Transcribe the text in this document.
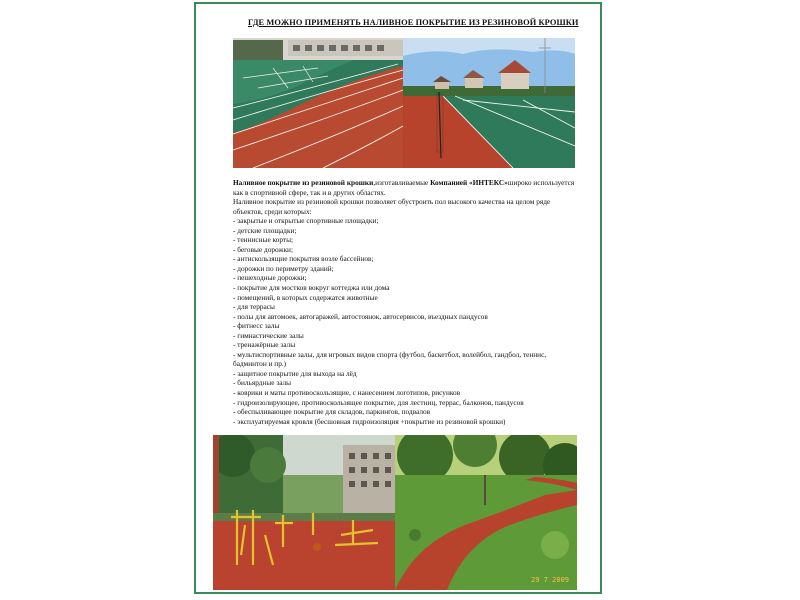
ГДЕ МОЖНО ПРИМЕНЯТЬ НАЛИВНОЕ ПОКРЫТИЕ ИЗ РЕЗИНОВОЙ КРОШКИ

Наливное покрытие из резиновой крошки,изготавливаемые Компанией «ИНТЕКС»широко используется как в спортивной сфере, так и в других областях.

Наливное покрытие из резиновой крошки позволяет обустроить пол высокого качества на целом ряде объектов, среди которых:

- закрытые и открытые спортивные площадки;
- детские площадки;
- теннисные корты;
- беговые дорожки;
- антискользящие покрытия возле бассейнов;
- дорожки по периметру зданий;
- пешеходные дорожки;
- покрытие для мостков вокруг коттеджа или дома
- помещений, в которых содержатся животные
- для террасы
- полы для автомоек, автогаражей, автостоянок, автосервисов, въездных пандусов
- фитнесс залы
- гимнастические залы
- тренажёрные залы
- мультиспортивные залы, для игровых видов спорта (футбол, баскетбол, волейбол, гандбол, теннис, бадминтон и пр.)
- защитное покрытие для выхода на лёд
- бильярдные залы
- коврики и маты противоскользящие, с нанесением логотипов, рисунков
- гидроизолирующее, противоскользящее покрытие, для лестниц, террас, балконов, пандусов
- обеспыливающее покрытие для складов, паркингов, подвалов
- эксплуатируемая кровля (бесшовная гидроизоляция +покрытие из резиновой крошки)
29 7 2009
